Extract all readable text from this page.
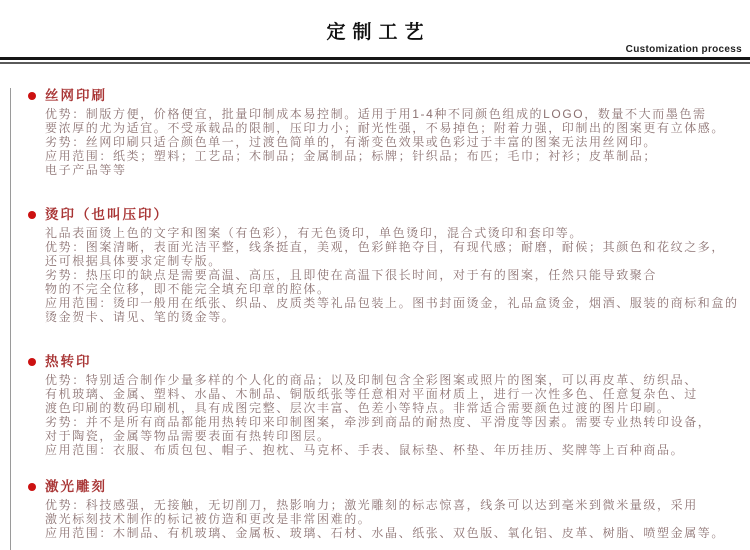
定制工艺
Customization process
丝网印刷

优势：制版方便，价格便宜，批量印制成本易控制。适用于用1-4种不同颜色组成的LOGO，数量不大而墨色需

要浓厚的尤为适宜。不受承载品的限制，压印力小；耐光性强，不易掉色；附着力强，印制出的图案更有立体感。

劣势：丝网印刷只适合颜色单一，过渡色简单的，有渐变色效果或色彩过于丰富的图案无法用丝网印。

应用范围：纸类；塑料；工艺品；木制品；金属制品；标牌；针织品；布匹；毛巾；衬衫；皮革制品；

电子产品等等

烫印（也叫压印）

礼品表面烫上色的文字和图案（有色彩），有无色烫印，单色烫印，混合式烫印和套印等。

优势：图案清晰，表面光洁平整，线条挺直，美观，色彩鲜艳夺目，有现代感；耐磨，耐候；其颜色和花纹之多，

还可根据具体要求定制专版。

劣势：热压印的缺点是需要高温、高压，且即使在高温下很长时间，对于有的图案，任然只能导致聚合

物的不完全位移，即不能完全填充印章的腔体。

应用范围：烫印一般用在纸张、织品、皮质类等礼品包装上。图书封面烫金，礼品盒烫金，烟酒、服装的商标和盒的

烫金贺卡、请见、笔的烫金等。

热转印

优势：特别适合制作少量多样的个人化的商品；以及印制包含全彩图案或照片的图案，可以再皮革、纺织品、

有机玻璃、金属、塑料、水晶、木制品、铜版纸张等任意相对平面材质上，进行一次性多色、任意复杂色、过

渡色印刷的数码印刷机，具有成图完整、层次丰富、色差小等特点。非常适合需要颜色过渡的图片印刷。

劣势：并不是所有商品都能用热转印来印制图案，牵涉到商品的耐热度、平滑度等因素。需要专业热转印设备，

对于陶瓷，金属等物品需要表面有热转印图层。

应用范围：衣服、布质包包、帽子、抱枕、马克杯、手表、鼠标垫、杯垫、年历挂历、奖牌等上百种商品。

激光雕刻

优势：科技感强，无接触，无切削刀，热影响力；激光雕刻的标志惊喜，线条可以达到毫米到微米量级，采用

激光标刻技术制作的标记被仿造和更改是非常困难的。

应用范围：木制品、有机玻璃、金属板、玻璃、石材、水晶、纸张、双色版、氧化铝、皮革、树脂、喷塑金属等。
